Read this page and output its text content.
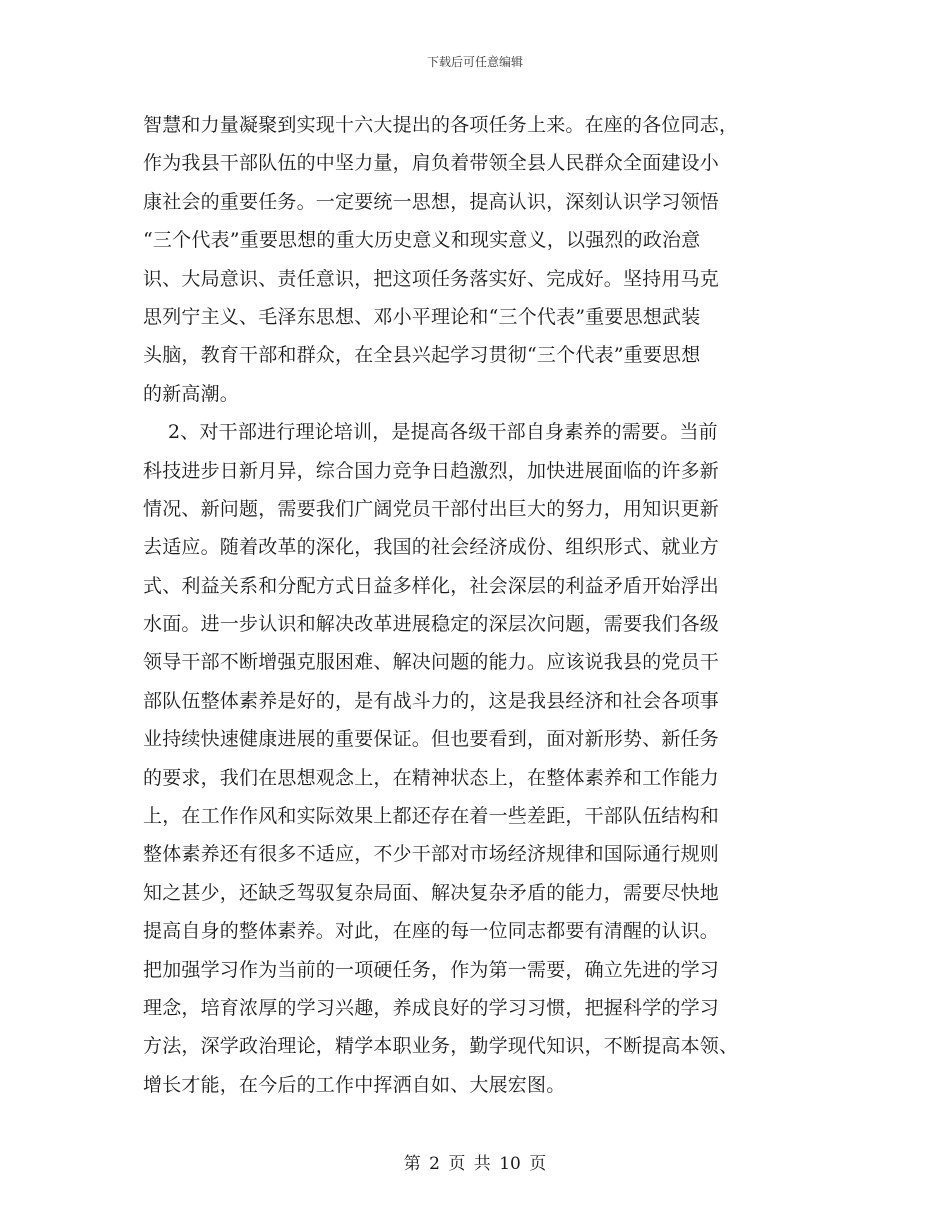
下载后可任意编辑
智慧和力量凝聚到实现十六大提出的各项任务上来。在座的各位同志，
作为我县干部队伍的中坚力量，肩负着带领全县人民群众全面建设小
康社会的重要任务。一定要统一思想，提高认识，深刻认识学习领悟
“三个代表”重要思想的重大历史意义和现实意义，以强烈的政治意
识、大局意识、责任意识，把这项任务落实好、完成好。坚持用马克
思列宁主义、毛泽东思想、邓小平理论和“三个代表”重要思想武装
头脑，教育干部和群众，在全县兴起学习贯彻“三个代表”重要思想
的新高潮。
2、对干部进行理论培训，是提高各级干部自身素养的需要。当前
科技进步日新月异，综合国力竞争日趋激烈，加快进展面临的许多新
情况、新问题，需要我们广阔党员干部付出巨大的努力，用知识更新
去适应。随着改革的深化，我国的社会经济成份、组织形式、就业方
式、利益关系和分配方式日益多样化，社会深层的利益矛盾开始浮出
水面。进一步认识和解决改革进展稳定的深层次问题，需要我们各级
领导干部不断增强克服困难、解决问题的能力。应该说我县的党员干
部队伍整体素养是好的，是有战斗力的，这是我县经济和社会各项事
业持续快速健康进展的重要保证。但也要看到，面对新形势、新任务
的要求，我们在思想观念上，在精神状态上，在整体素养和工作能力
上，在工作作风和实际效果上都还存在着一些差距，干部队伍结构和
整体素养还有很多不适应，不少干部对市场经济规律和国际通行规则
知之甚少，还缺乏驾驭复杂局面、解决复杂矛盾的能力，需要尽快地
提高自身的整体素养。对此，在座的每一位同志都要有清醒的认识。
把加强学习作为当前的一项硬任务，作为第一需要，确立先进的学习
理念，培育浓厚的学习兴趣，养成良好的学习习惯，把握科学的学习
方法，深学政治理论，精学本职业务，勤学现代知识，不断提高本领、
增长才能，在今后的工作中挥洒自如、大展宏图。
第 2 页 共 10 页
